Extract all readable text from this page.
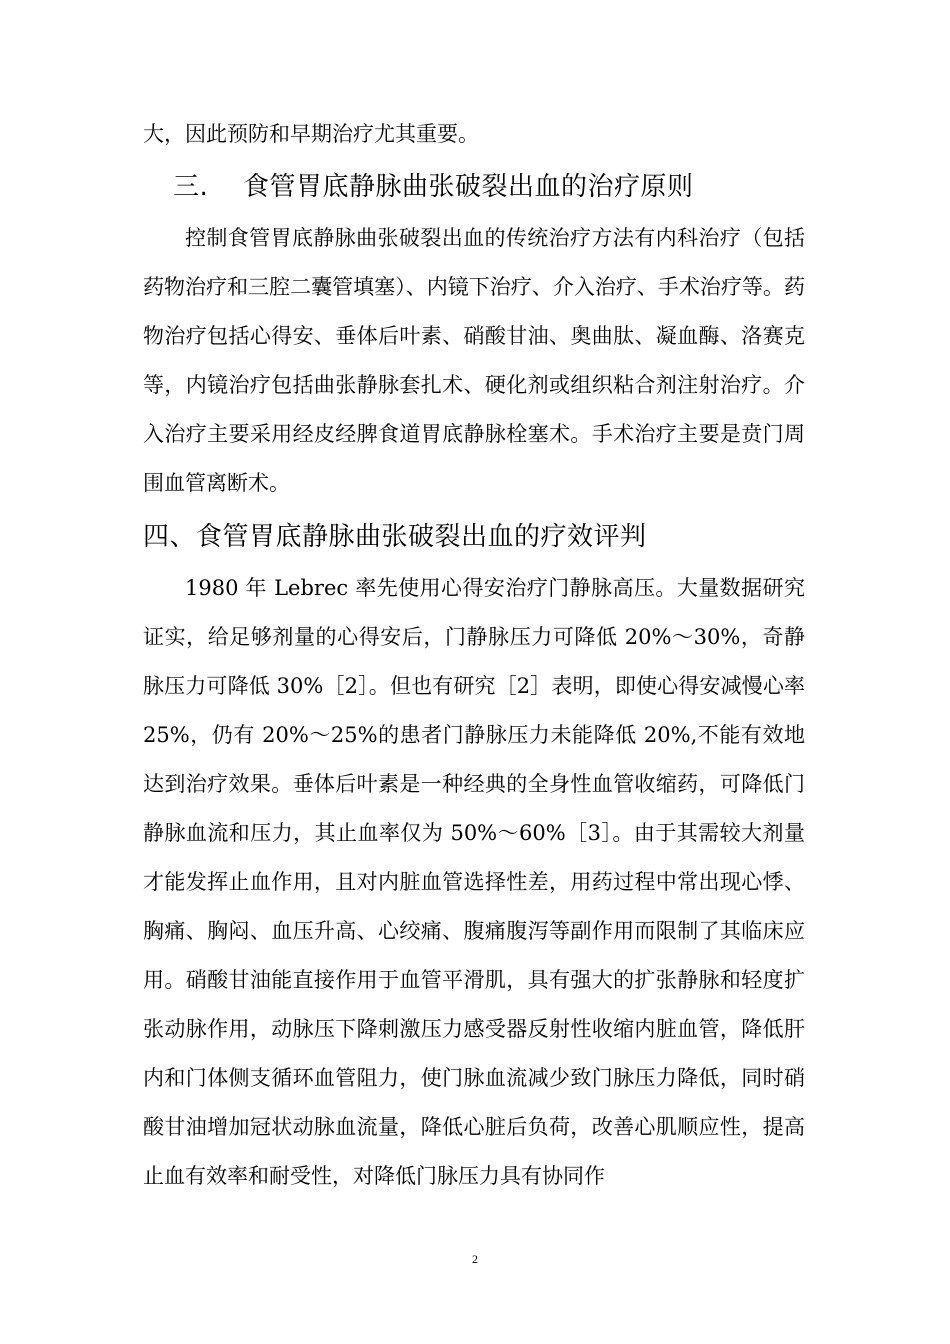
大，因此预防和早期治疗尤其重要。

三. 食管胃底静脉曲张破裂出血的治疗原则

控制食管胃底静脉曲张破裂出血的传统治疗方法有内科治疗（包括药物治疗和三腔二囊管填塞）、内镜下治疗、介入治疗、手术治疗等。药物治疗包括心得安、垂体后叶素、硝酸甘油、奥曲肽、凝血酶、洛赛克等，内镜治疗包括曲张静脉套扎术、硬化剂或组织粘合剂注射治疗。介入治疗主要采用经皮经脾食道胃底静脉栓塞术。手术治疗主要是贲门周围血管离断术。

四、食管胃底静脉曲张破裂出血的疗效评判

1980 年 Lebrec 率先使用心得安治疗门静脉高压。大量数据研究证实，给足够剂量的心得安后，门静脉压力可降低 20%～30%，奇静脉压力可降低 30%［2］。但也有研究［2］表明，即使心得安减慢心率 25%，仍有 20%～25%的患者门静脉压力未能降低 20%,不能有效地达到治疗效果。垂体后叶素是一种经典的全身性血管收缩药，可降低门静脉血流和压力，其止血率仅为 50%～60%［3］。由于其需较大剂量才能发挥止血作用，且对内脏血管选择性差，用药过程中常出现心悸、胸痛、胸闷、血压升高、心绞痛、腹痛腹泻等副作用而限制了其临床应用。硝酸甘油能直接作用于血管平滑肌，具有强大的扩张静脉和轻度扩张动脉作用，动脉压下降刺激压力感受器反射性收缩内脏血管，降低肝内和门体侧支循环血管阻力，使门脉血流减少致门脉压力降低，同时硝酸甘油增加冠状动脉血流量，降低心脏后负荷，改善心肌顺应性，提高止血有效率和耐受性，对降低门脉压力具有协同作

2
